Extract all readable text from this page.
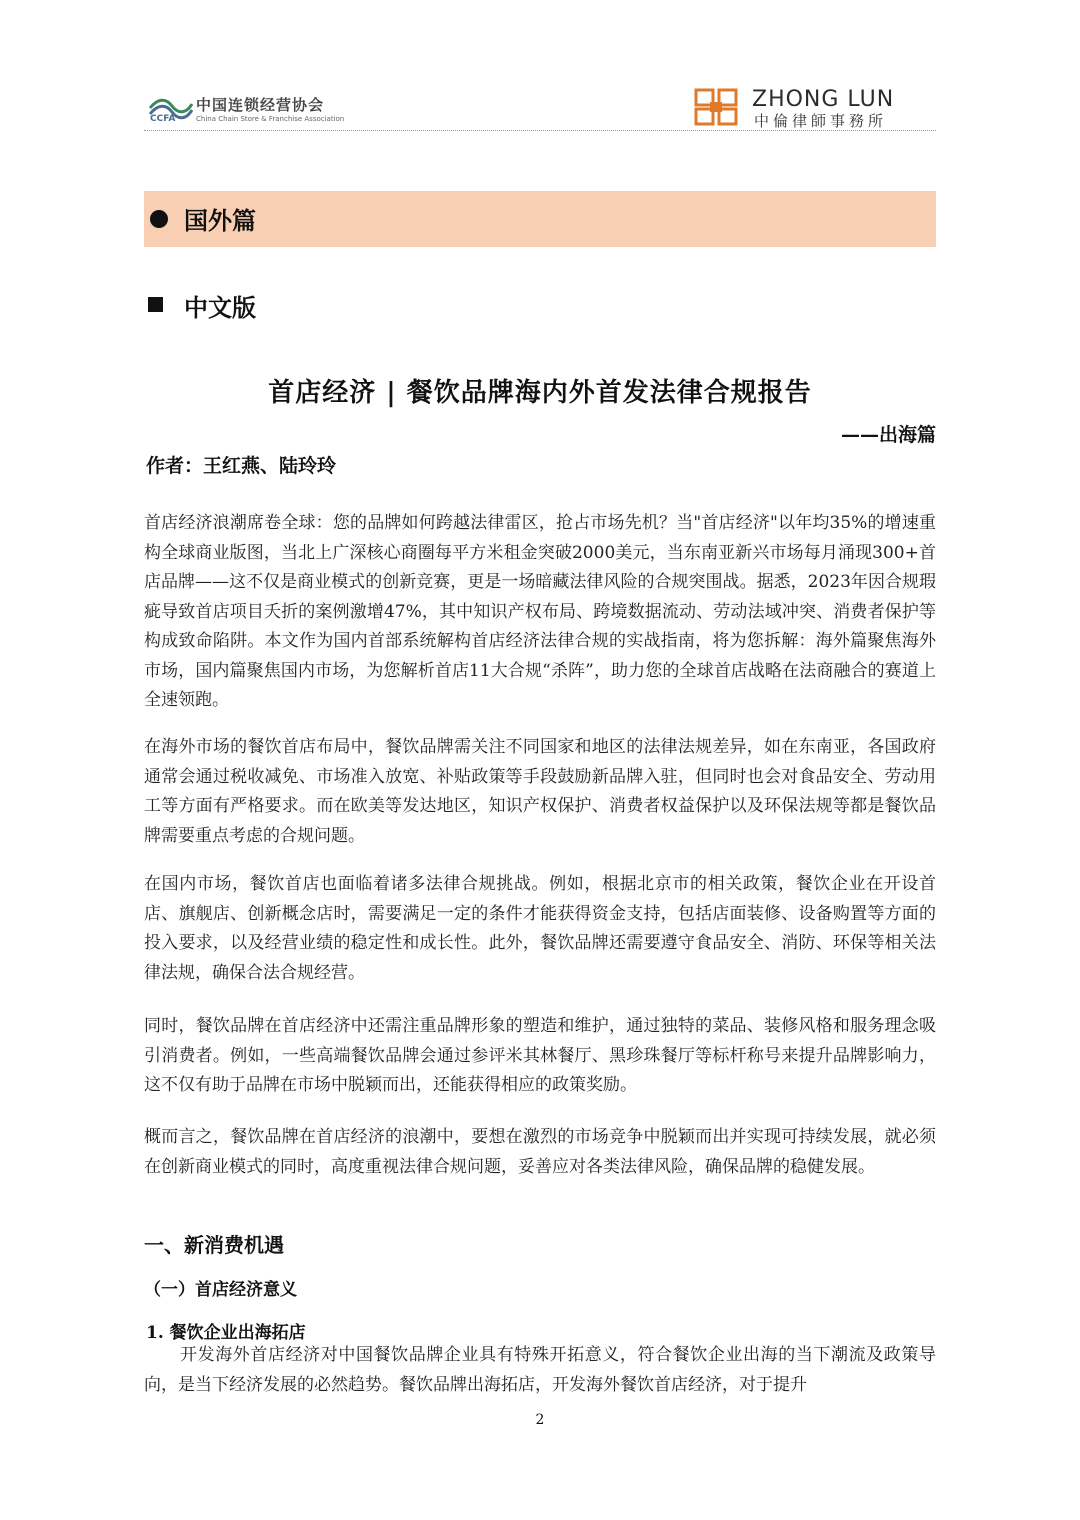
CCFA
中国连锁经营协会
China Chain Store & Franchise Association
ZHONG LUN
中倫律師事務所
国外篇
中文版
首店经济 | 餐饮品牌海内外首发法律合规报告
——出海篇
作者：王红燕、陆玲玲

首店经济浪潮席卷全球：您的品牌如何跨越法律雷区，抢占市场先机？当"首店经济"以年均35%的增速重构全球商业版图，当北上广深核心商圈每平方米租金突破2000美元，当东南亚新兴市场每月涌现300+首店品牌——这不仅是商业模式的创新竞赛，更是一场暗藏法律风险的合规突围战。据悉，2023年因合规瑕疵导致首店项目夭折的案例激增47%，其中知识产权布局、跨境数据流动、劳动法域冲突、消费者保护等构成致命陷阱。本文作为国内首部系统解构首店经济法律合规的实战指南，将为您拆解：海外篇聚焦海外市场，国内篇聚焦国内市场，为您解析首店11大合规“杀阵”，助力您的全球首店战略在法商融合的赛道上全速领跑。

在海外市场的餐饮首店布局中，餐饮品牌需关注不同国家和地区的法律法规差异，如在东南亚，各国政府通常会通过税收减免、市场准入放宽、补贴政策等手段鼓励新品牌入驻，但同时也会对食品安全、劳动用工等方面有严格要求。而在欧美等发达地区，知识产权保护、消费者权益保护以及环保法规等都是餐饮品牌需要重点考虑的合规问题。

在国内市场，餐饮首店也面临着诸多法律合规挑战。例如，根据北京市的相关政策，餐饮企业在开设首店、旗舰店、创新概念店时，需要满足一定的条件才能获得资金支持，包括店面装修、设备购置等方面的投入要求，以及经营业绩的稳定性和成长性。此外，餐饮品牌还需要遵守食品安全、消防、环保等相关法律法规，确保合法合规经营。

同时，餐饮品牌在首店经济中还需注重品牌形象的塑造和维护，通过独特的菜品、装修风格和服务理念吸引消费者。例如，一些高端餐饮品牌会通过参评米其林餐厅、黑珍珠餐厅等标杆称号来提升品牌影响力，这不仅有助于品牌在市场中脱颖而出，还能获得相应的政策奖励。

概而言之，餐饮品牌在首店经济的浪潮中，要想在激烈的市场竞争中脱颖而出并实现可持续发展，就必须在创新商业模式的同时，高度重视法律合规问题，妥善应对各类法律风险，确保品牌的稳健发展。

一、新消费机遇
（一）首店经济意义
1. 餐饮企业出海拓店

开发海外首店经济对中国餐饮品牌企业具有特殊开拓意义，符合餐饮企业出海的当下潮流及政策导向，是当下经济发展的必然趋势。餐饮品牌出海拓店，开发海外餐饮首店经济，对于提升

2
